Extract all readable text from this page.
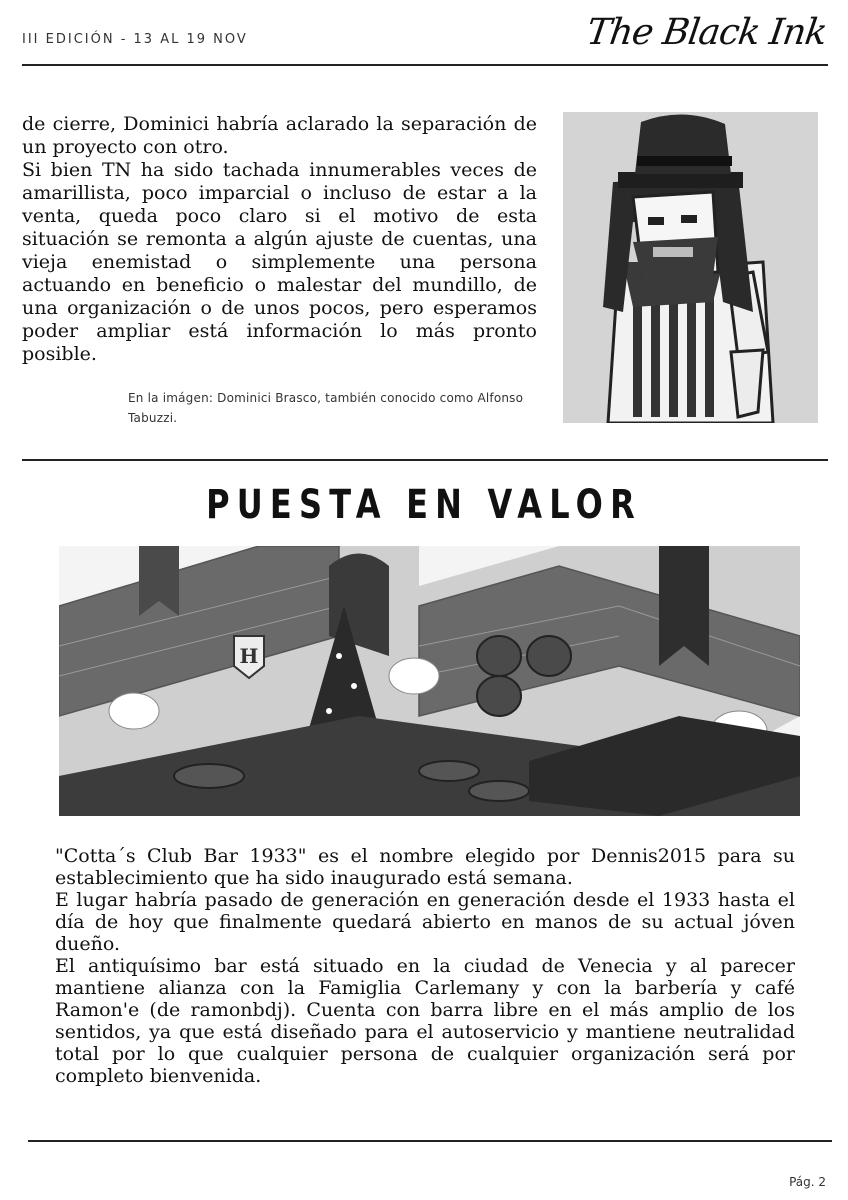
III EDICIÓN - 13 AL 19 NOV	The Black Ink

de cierre, Dominici habría aclarado la separación de un proyecto con otro.

Si bien TN ha sido tachada innumerables veces de amarillista, poco imparcial o incluso de estar a la venta, queda poco claro si el motivo de esta situación se remonta a algún ajuste de cuentas, una vieja enemistad o simplemente una persona actuando en beneficio o malestar del mundillo, de una organización o de unos pocos, pero esperamos poder ampliar está información lo más pronto posible.

En la imágen: Dominici Brasco, también conocido como Alfonso Tabuzzi.
PUESTA EN VALOR
H

"Cotta´s Club Bar 1933" es el nombre elegido por Dennis2015 para su establecimiento que ha sido inaugurado está semana.

E lugar habría pasado de generación en generación desde el 1933 hasta el día de hoy que finalmente quedará abierto en manos de su actual jóven dueño.

El antiquísimo bar está situado en la ciudad de Venecia y al parecer mantiene alianza con la Famiglia Carlemany y con la barbería y café Ramon'e (de ramonbdj). Cuenta con barra libre en el más amplio de los sentidos, ya que está diseñado para el autoservicio y mantiene neutralidad total por lo que cualquier persona de cualquier organización será por completo bienvenida.

Pág. 2
